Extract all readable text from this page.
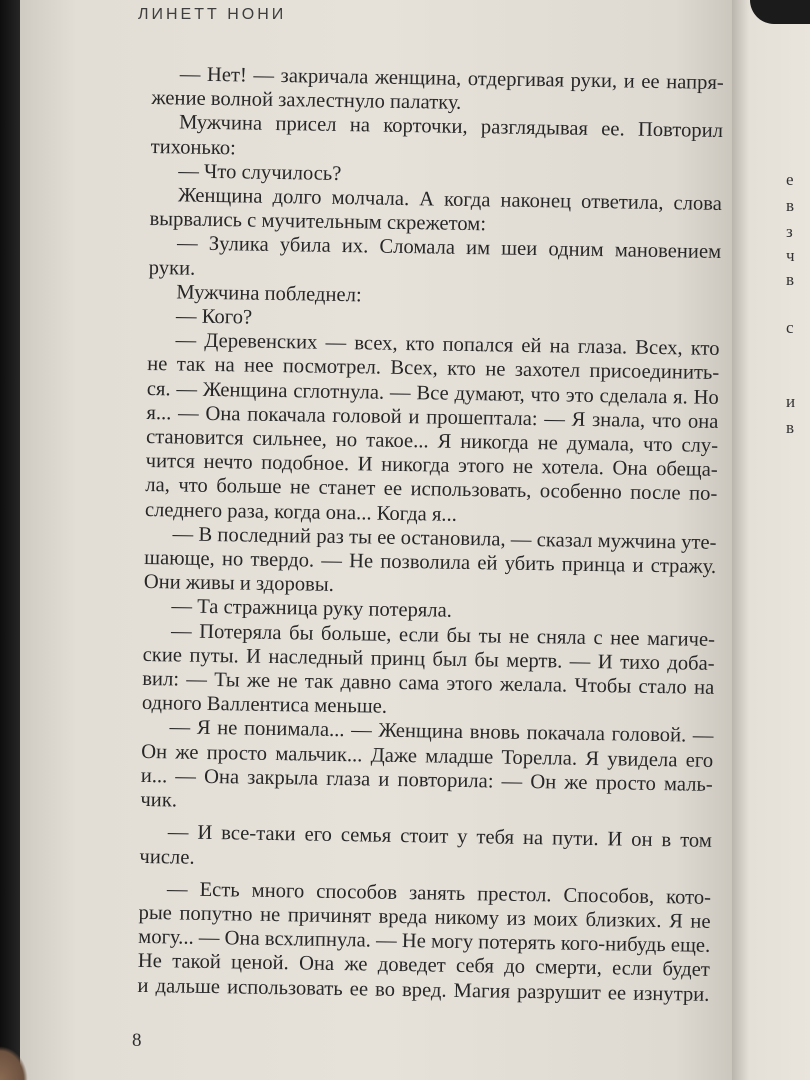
ЛИНЕТТ НОНИ

— Нет! — закричала женщина, отдергивая руки, и ее напря-

жение волной захлестнуло палатку.

Мужчина присел на корточки, разглядывая ее. Повторил

тихонько:

— Что случилось?

Женщина долго молчала. А когда наконец ответила, слова

вырвались с мучительным скрежетом:

— Зулика убила их. Сломала им шеи одним мановением

руки.

Мужчина побледнел:

— Кого?

— Деревенских — всех, кто попался ей на глаза. Всех, кто

не так на нее посмотрел. Всех, кто не захотел присоединить-

ся. — Женщина сглотнула. — Все думают, что это сделала я. Но

я... — Она покачала головой и прошептала: — Я знала, что она

становится сильнее, но такое... Я никогда не думала, что слу-

чится нечто подобное. И никогда этого не хотела. Она обеща-

ла, что больше не станет ее использовать, особенно после по-

следнего раза, когда она... Когда я...

— В последний раз ты ее остановила, — сказал мужчина уте-

шающе, но твердо. — Не позволила ей убить принца и стражу.

Они живы и здоровы.

— Та стражница руку потеряла.

— Потеряла бы больше, если бы ты не сняла с нее магиче-

ские путы. И наследный принц был бы мертв. — И тихо доба-

вил: — Ты же не так давно сама этого желала. Чтобы стало на

одного Валлентиса меньше.

— Я не понимала... — Женщина вновь покачала головой. —

Он же просто мальчик... Даже младше Торелла. Я увидела его

и... — Она закрыла глаза и повторила: — Он же просто маль-

чик.

— И все-таки его семья стоит у тебя на пути. И он в том

числе.

— Есть много способов занять престол. Способов, кото-

рые попутно не причинят вреда никому из моих близких. Я не

могу... — Она всхлипнула. — Не могу потерять кого-нибудь еще.

Не такой ценой. Она же доведет себя до смерти, если будет

и дальше использовать ее во вред. Магия разрушит ее изнутри.

8
е
в
з
ч
в
с
и
в
